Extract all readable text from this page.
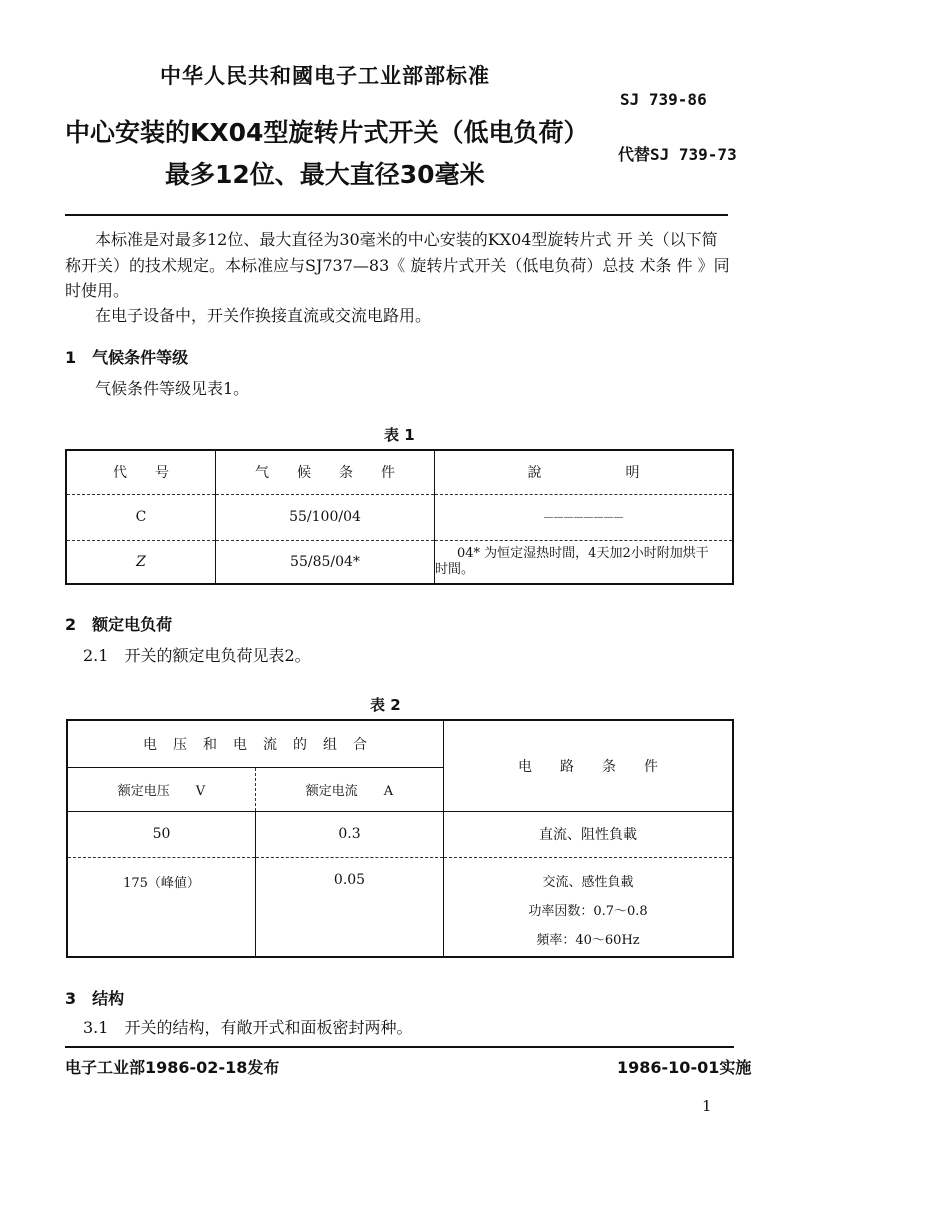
中华人民共和國电子工业部部标准
SJ 739-86
中心安装的KX04型旋转片式开关（低电负荷）
最多12位、最大直径30毫米
代替SJ 739-73
本标准是对最多12位、最大直径为30毫米的中心安装的KX04型旋转片式 开 关（以下简
称开关）的技术规定。本标准应与SJ737—83《 旋转片式开关（低电负荷）总技 术条 件 》同
时使用。
在电子设备中，开关作换接直流或交流电路用。
1　气候条件等级
气候条件等级见表1。
表 1
代　　号	气　　候　　条　　件	說　　　　　　明
C	55/100/04	————————
Z	55/85/04*	04* 为恒定湿热时間，4天加2小时附加烘干
时間。
2　额定电负荷
2.1　开关的额定电负荷见表2。
表 2
电　压　和　电　流　的　组　合		电　　路　　条　　件
额定电压　　V	额定电流　　A	
50	0.3	直流、阻性負載
175（峰値）	0.05	交流、感性負載
功率因数：0.7～0.8
頻率：40～60Hz
3　结构
3.1　开关的结构，有敞开式和面板密封两种。
电子工业部1986-02-18发布	1986-10-01实施
1
